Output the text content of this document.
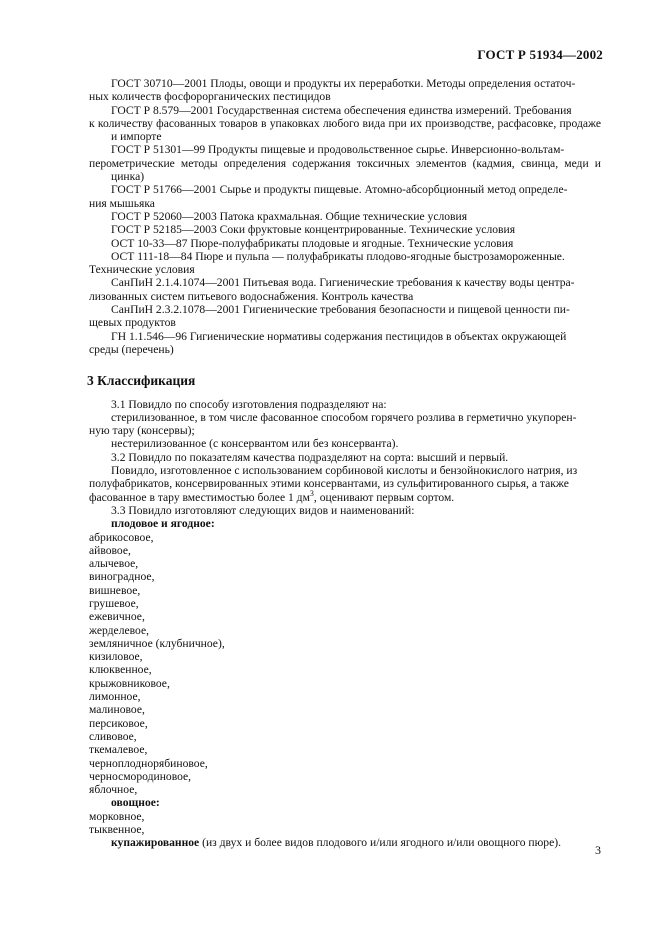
ГОСТ Р 51934—2002

ГОСТ 30710—2001 Плоды, овощи и продукты их переработки. Методы определения остаточ-
ных количеств фосфорорганических пестицидов

ГОСТ Р 8.579—2001 Государственная система обеспечения единства измерений. Требования
к количеству фасованных товаров в упаковках любого вида при их производстве, расфасовке, продаже и импорте

ГОСТ Р 51301—99 Продукты пищевые и продовольственное сырье. Инверсионно-вольтам-
перометрические методы определения содержания токсичных элементов (кадмия, свинца, меди и цинка)

ГОСТ Р 51766—2001 Сырье и продукты пищевые. Атомно-абсорбционный метод определе-
ния мышьяка

ГОСТ Р 52060—2003 Патока крахмальная. Общие технические условия

ГОСТ Р 52185—2003 Соки фруктовые концентрированные. Технические условия

ОСТ 10-33—87 Пюре-полуфабрикаты плодовые и ягодные. Технические условия

ОСТ 111-18—84 Пюре и пульпа — полуфабрикаты плодово-ягодные быстрозамороженные.
Технические условия

СанПиН 2.1.4.1074—2001 Питьевая вода. Гигиенические требования к качеству воды центра-
лизованных систем питьевого водоснабжения. Контроль качества

СанПиН 2.3.2.1078—2001 Гигиенические требования безопасности и пищевой ценности пи-
щевых продуктов

ГН 1.1.546—96 Гигиенические нормативы содержания пестицидов в объектах окружающей
среды (перечень)

3 Классификация

3.1 Повидло по способу изготовления подразделяют на:

стерилизованное, в том числе фасованное способом горячего розлива в герметично укупорен-
ную тару (консервы);

нестерилизованное (с консервантом или без консерванта).

3.2 Повидло по показателям качества подразделяют на сорта: высший и первый.

Повидло, изготовленное с использованием сорбиновой кислоты и бензойнокислого натрия, из
полуфабрикатов, консервированных этими консервантами, из сульфитированного сырья, а также
фасованное в тару вместимостью более 1 $дм^3$, оценивают первым сортом.

3.3 Повидло изготовляют следующих видов и наименований:

плодовое и ягодное:
абрикосовое,
айвовое,
алычевое,
виноградное,
вишневое,
грушевое,
ежевичное,
жерделевое,
земляничное (клубничное),
кизиловое,
клюквенное,
крыжовниковое,
лимонное,
малиновое,
персиковое,
сливовое,
ткемалевое,
черноплоднорябиновое,
черносмородиновое,
яблочное,
овощное:
морковное,
тыквенное,

купажированное (из двух и более видов плодового и/или ягодного и/или овощного пюре).

3
